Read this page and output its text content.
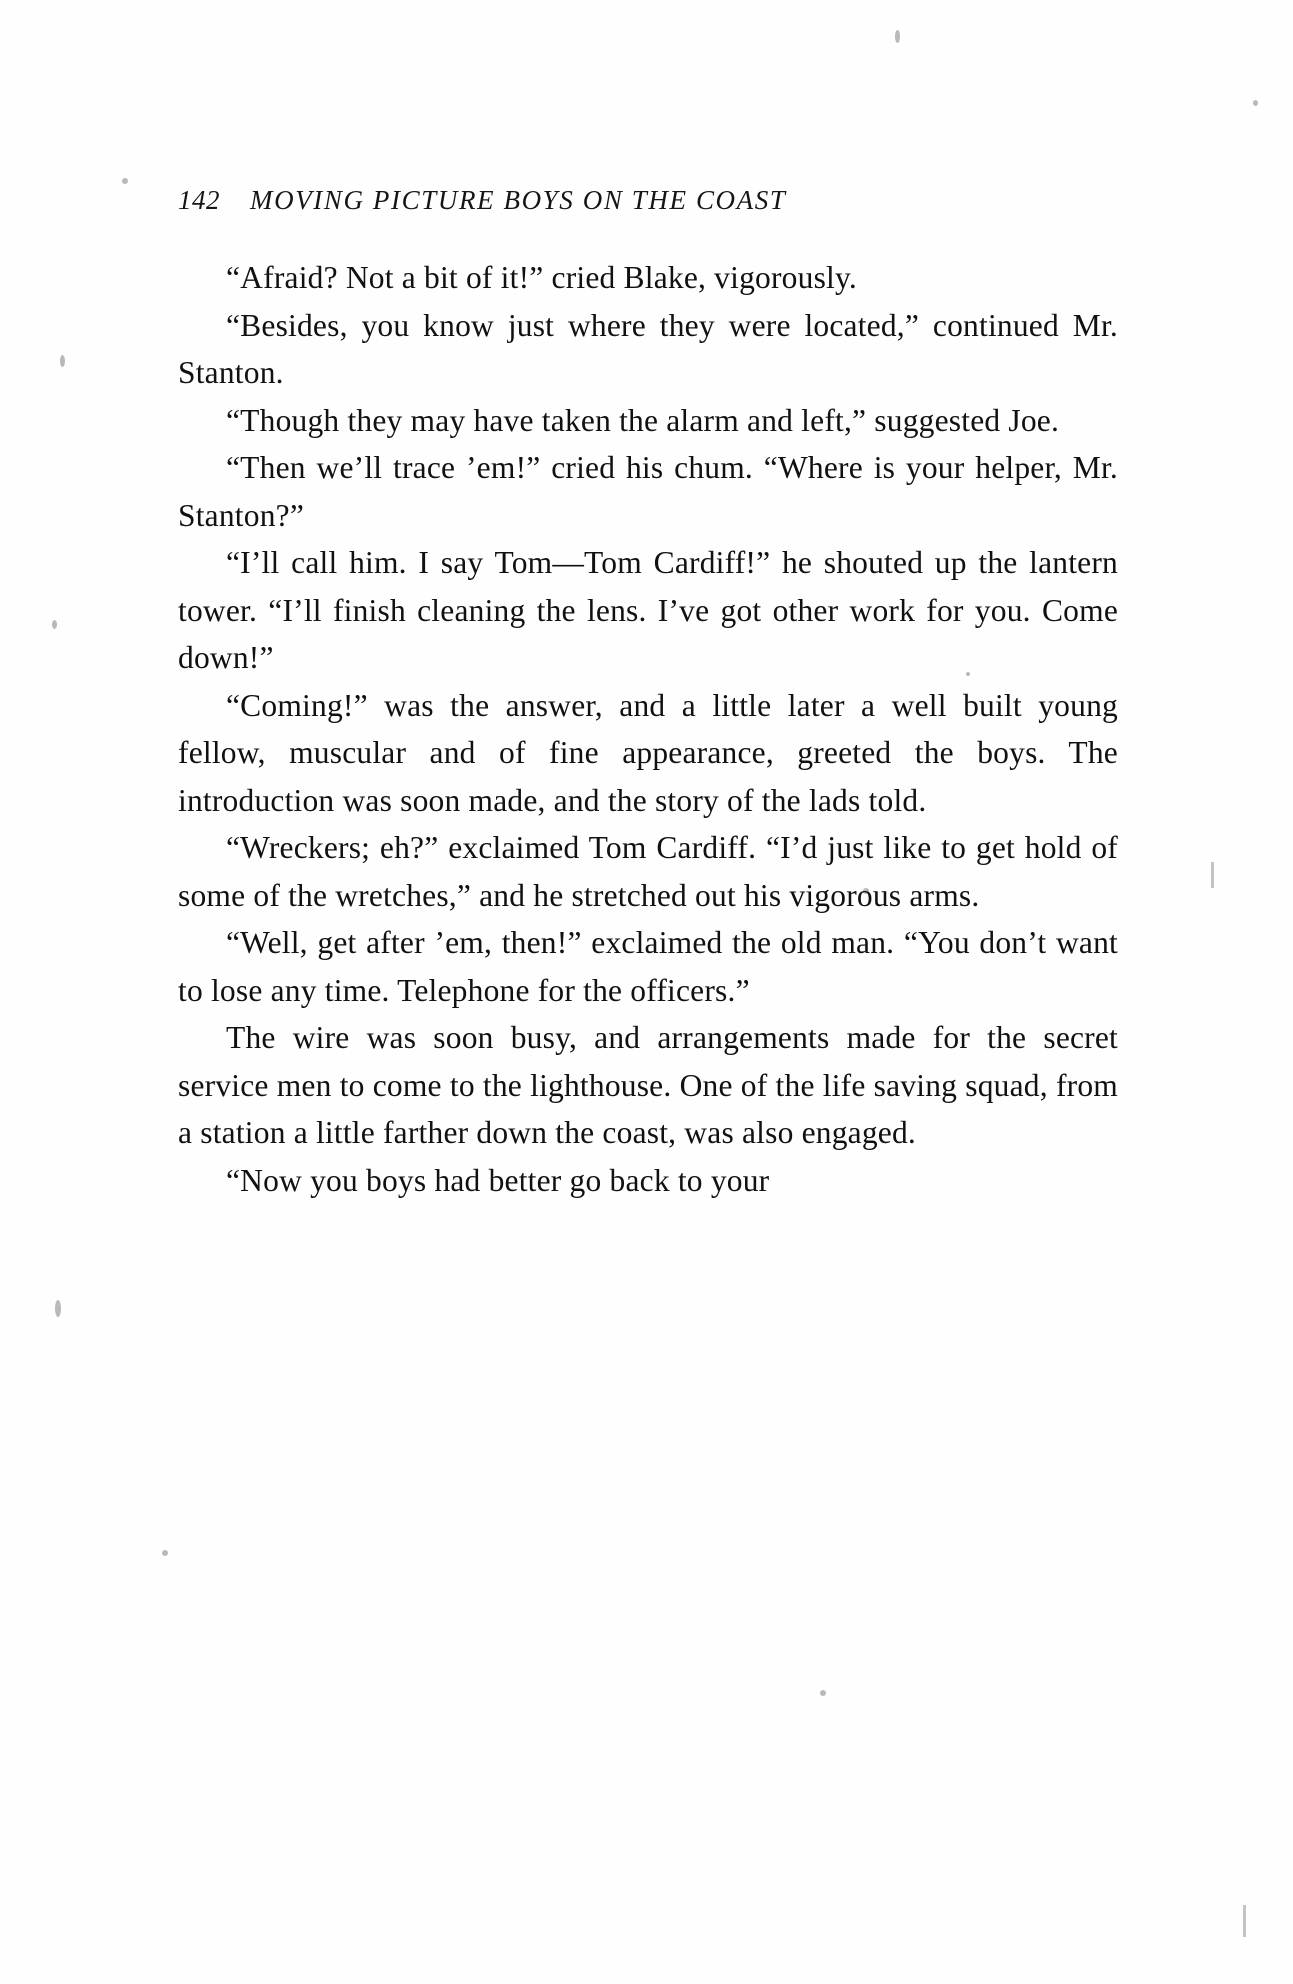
142 MOVING PICTURE BOYS ON THE COAST

“Afraid? Not a bit of it!” cried Blake, vigorously.

“Besides, you know just where they were located,” continued Mr. Stanton.

“Though they may have taken the alarm and left,” suggested Joe.

“Then we’ll trace ’em!” cried his chum. “Where is your helper, Mr. Stanton?”

“I’ll call him. I say Tom—Tom Cardiff!” he shouted up the lantern tower. “I’ll finish cleaning the lens. I’ve got other work for you. Come down!”

“Coming!” was the answer, and a little later a well built young fellow, muscular and of fine appearance, greeted the boys. The introduction was soon made, and the story of the lads told.

“Wreckers; eh?” exclaimed Tom Cardiff. “I’d just like to get hold of some of the wretches,” and he stretched out his vigorous arms.

“Well, get after ’em, then!” exclaimed the old man. “You don’t want to lose any time. Telephone for the officers.”

The wire was soon busy, and arrangements made for the secret service men to come to the lighthouse. One of the life saving squad, from a station a little farther down the coast, was also engaged.

“Now you boys had better go back to your
